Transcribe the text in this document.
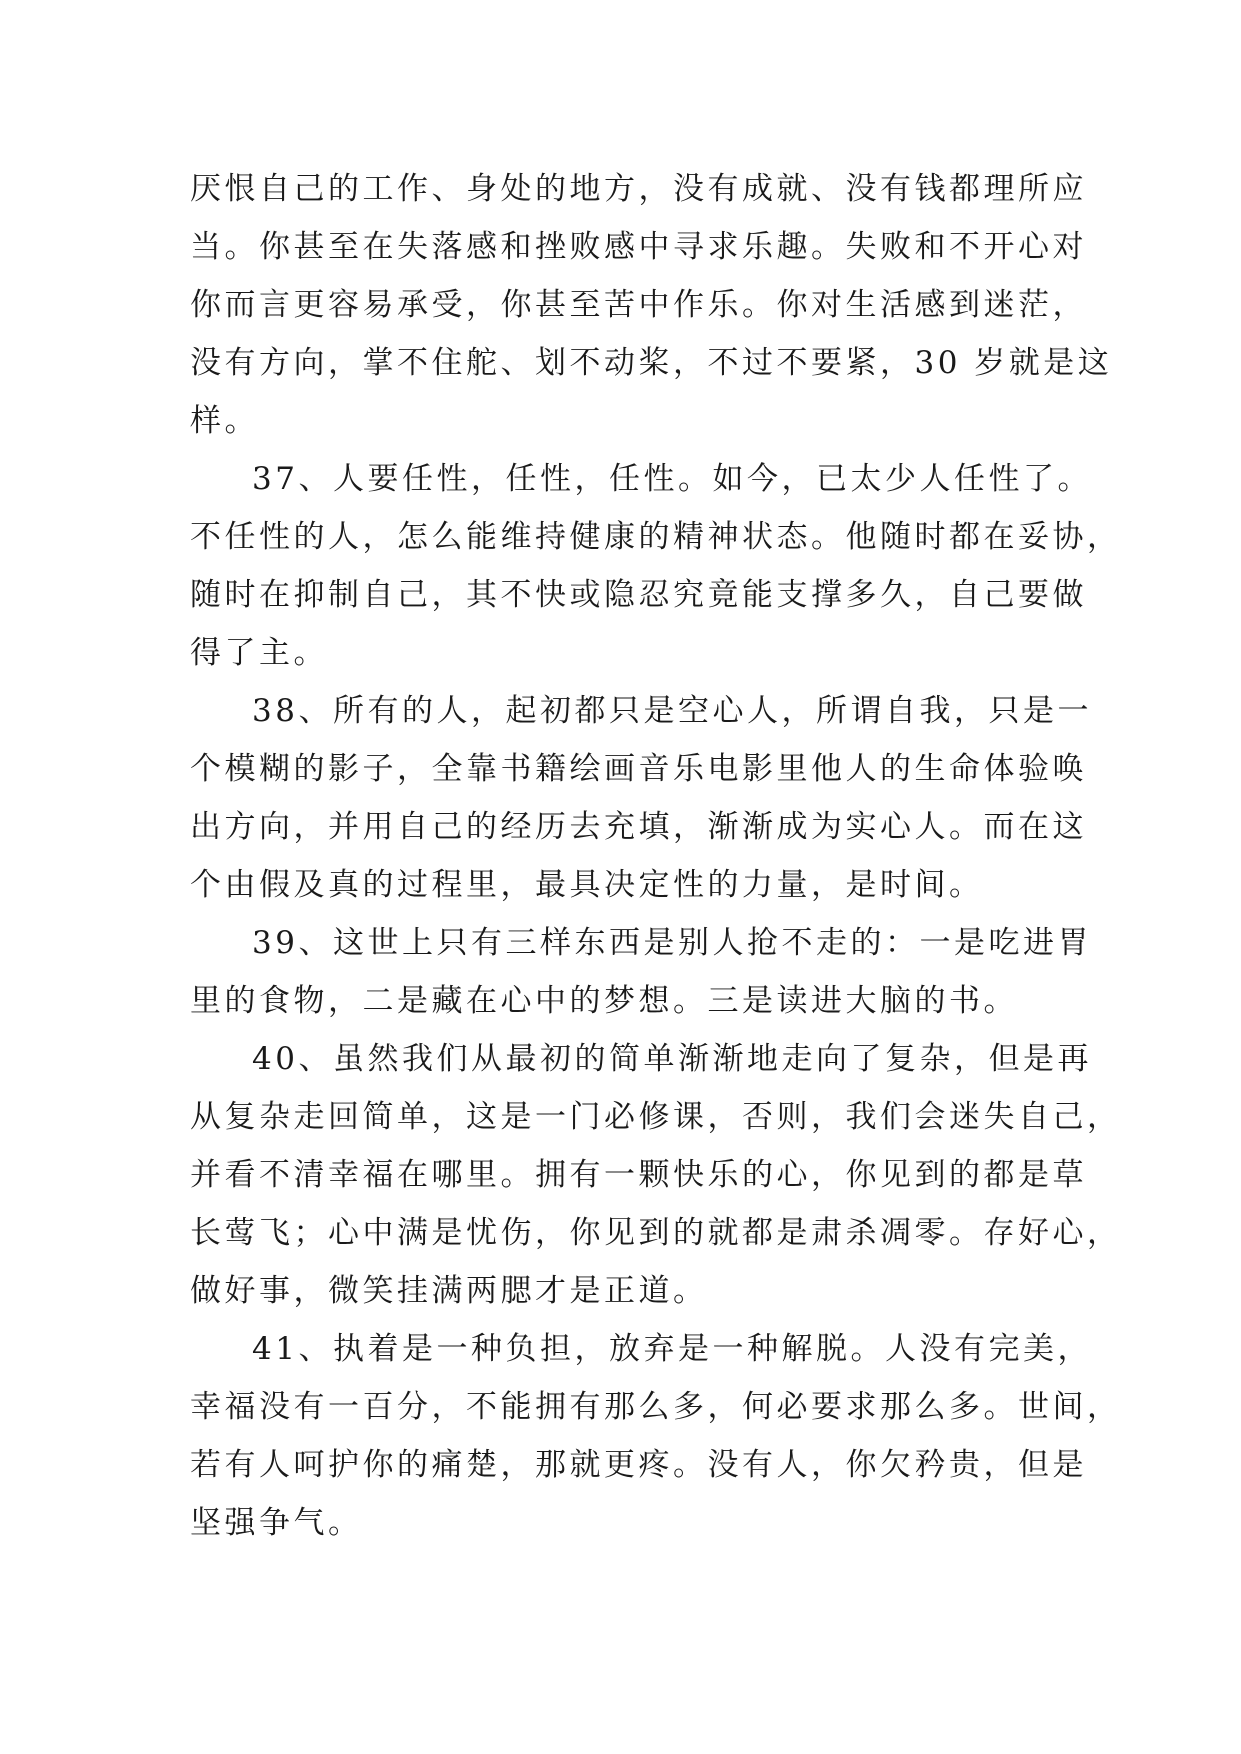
厌恨自己的工作、身处的地方，没有成就、没有钱都理所应
当。你甚至在失落感和挫败感中寻求乐趣。失败和不开心对
你而言更容易承受，你甚至苦中作乐。你对生活感到迷茫，
没有方向，掌不住舵、划不动桨，不过不要紧，30 岁就是这
样。
37、人要任性，任性，任性。如今，已太少人任性了。
不任性的人，怎么能维持健康的精神状态。他随时都在妥协，
随时在抑制自己，其不快或隐忍究竟能支撑多久，自己要做
得了主。
38、所有的人，起初都只是空心人，所谓自我，只是一
个模糊的影子，全靠书籍绘画音乐电影里他人的生命体验唤
出方向，并用自己的经历去充填，渐渐成为实心人。而在这
个由假及真的过程里，最具决定性的力量，是时间。
39、这世上只有三样东西是别人抢不走的：一是吃进胃
里的食物，二是藏在心中的梦想。三是读进大脑的书。
40、虽然我们从最初的简单渐渐地走向了复杂，但是再
从复杂走回简单，这是一门必修课，否则，我们会迷失自己，
并看不清幸福在哪里。拥有一颗快乐的心，你见到的都是草
长莺飞；心中满是忧伤，你见到的就都是肃杀凋零。存好心，
做好事，微笑挂满两腮才是正道。
41、执着是一种负担，放弃是一种解脱。人没有完美，
幸福没有一百分，不能拥有那么多，何必要求那么多。世间，
若有人呵护你的痛楚，那就更疼。没有人，你欠矜贵，但是
坚强争气。
